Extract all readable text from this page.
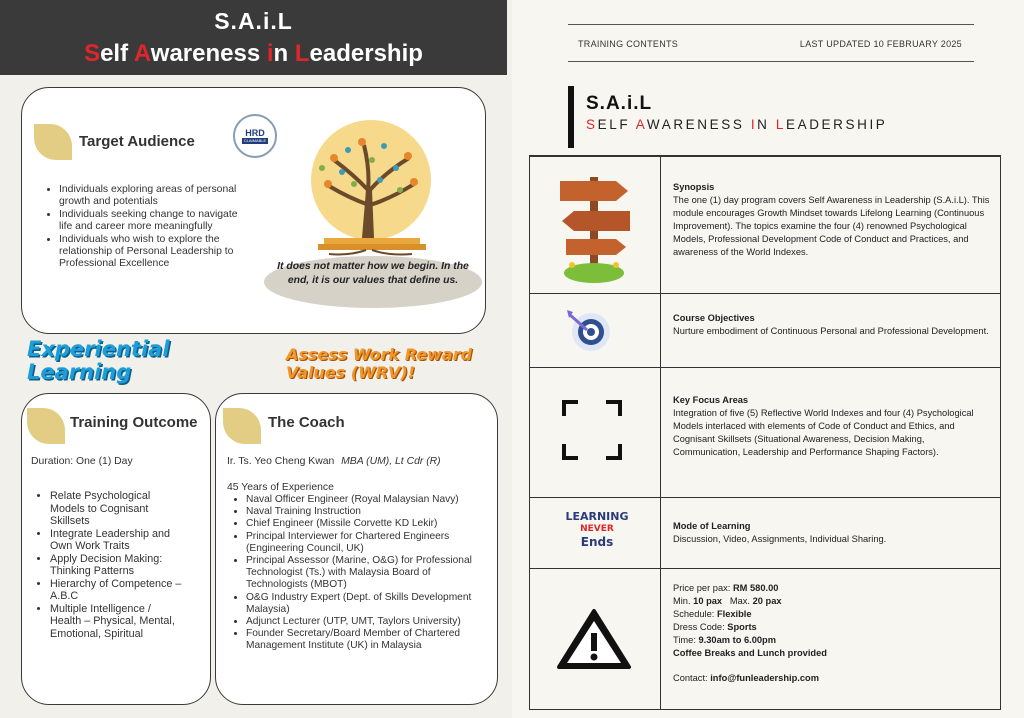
S.A.i.L
Self Awareness in Leadership
Target Audience
• Individuals exploring areas of personal growth and potentials
• Individuals seeking change to navigate life and career more meaningfully
• Individuals who wish to explore the relationship of Personal Leadership to Professional Excellence
HRD
CLAIMABLE
It does not matter how we begin. In the end, it is our values that define us.
Experiential
Learning
Assess Work Reward
Values (WRV)!
Training Outcome
Duration: One (1) Day
• Relate Psychological Models to Cognisant Skillsets
• Integrate Leadership and Own Work Traits
• Apply Decision Making: Thinking Patterns
• Hierarchy of Competence – A.B.C
• Multiple Intelligence / Health – Physical, Mental, Emotional, Spiritual
The Coach
Ir. Ts. Yeo Cheng Kwan MBA (UM), Lt Cdr (R)
45 Years of Experience
• Naval Officer Engineer (Royal Malaysian Navy)
• Naval Training Instruction
• Chief Engineer (Missile Corvette KD Lekir)
• Principal Interviewer for Chartered Engineers (Engineering Council, UK)
• Principal Assessor (Marine, O&G) for Professional Technologist (Ts.) with Malaysia Board of Technologists (MBOT)
• O&G Industry Expert (Dept. of Skills Development Malaysia)
• Adjunct Lecturer (UTP, UMT, Taylors University)
• Founder Secretary/Board Member of Chartered Management Institute (UK) in Malaysia
TRAINING CONTENTS	LAST UPDATED 10 FEBRUARY 2025
S.A.i.L
SELF AWARENESS IN LEADERSHIP
Synopsis
The one (1) day program covers Self Awareness in Leadership (S.A.i.L). This module encourages Growth Mindset towards Lifelong Learning (Continuous Improvement). The topics examine the four (4) renowned Psychological Models, Professional Development Code of Conduct and Practices, and awareness of the World Indexes.
Course Objectives
Nurture embodiment of Continuous Personal and Professional Development.
Key Focus Areas
Integration of five (5) Reflective World Indexes and four (4) Psychological Models interlaced with elements of Code of Conduct and Ethics, and Cognisant Skillsets (Situational Awareness, Decision Making, Communication, Leadership and Performance Shaping Factors).
LEARNING
NEVER
Ends
Mode of Learning
Discussion, Video, Assignments, Individual Sharing.
Price per pax: RM 580.00
Min. 10 pax   Max. 20 pax
Schedule: Flexible
Dress Code: Sports
Time: 9.30am to 6.00pm
Coffee Breaks and Lunch provided
Contact: info@funleadership.com
